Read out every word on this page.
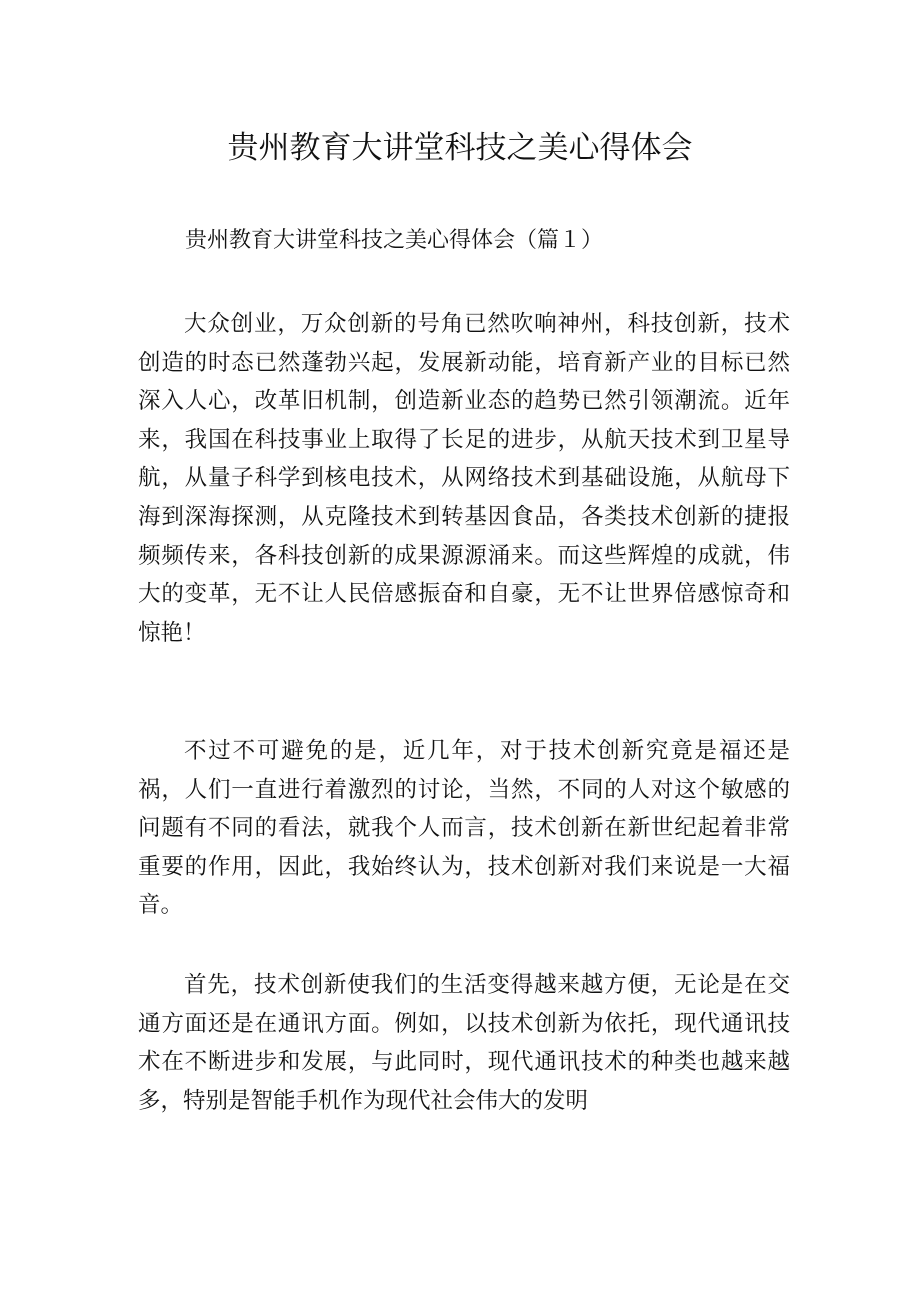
贵州教育大讲堂科技之美心得体会

贵州教育大讲堂科技之美心得体会（篇１）

大众创业，万众创新的号角已然吹响神州，科技创新，技术创造的时态已然蓬勃兴起，发展新动能，培育新产业的目标已然深入人心，改革旧机制，创造新业态的趋势已然引领潮流。近年来，我国在科技事业上取得了长足的进步，从航天技术到卫星导航，从量子科学到核电技术，从网络技术到基础设施，从航母下海到深海探测，从克隆技术到转基因食品，各类技术创新的捷报频频传来，各科技创新的成果源源涌来。而这些辉煌的成就，伟大的变革，无不让人民倍感振奋和自豪，无不让世界倍感惊奇和惊艳！

不过不可避免的是，近几年，对于技术创新究竟是福还是祸，人们一直进行着激烈的讨论，当然，不同的人对这个敏感的问题有不同的看法，就我个人而言，技术创新在新世纪起着非常重要的作用，因此，我始终认为，技术创新对我们来说是一大福音。

首先，技术创新使我们的生活变得越来越方便，无论是在交通方面还是在通讯方面。例如，以技术创新为依托，现代通讯技术在不断进步和发展，与此同时，现代通讯技术的种类也越来越多，特别是智能手机作为现代社会伟大的发明
